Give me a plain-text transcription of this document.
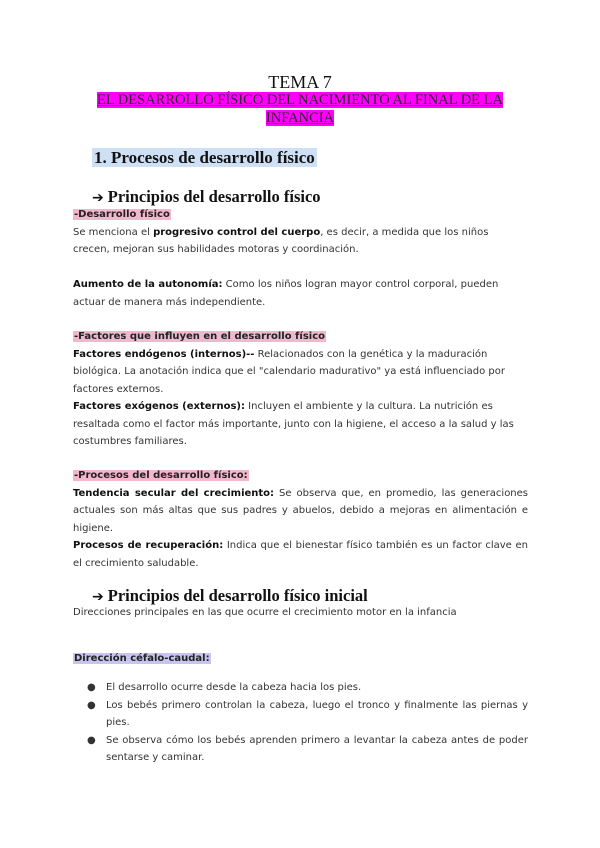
TEMA 7
EL DESARROLLO FÍSICO DEL NACIMIENTO AL FINAL DE LA
INFANCIA
1. Procesos de desarrollo físico
➔ Principios del desarrollo físico
-Desarrollo físico
Se menciona el progresivo control del cuerpo, es decir, a medida que los niños crecen, mejoran sus habilidades motoras y coordinación.
Aumento de la autonomía: Como los niños logran mayor control corporal, pueden actuar de manera más independiente.
-Factores que influyen en el desarrollo físico
Factores endógenos (internos)-- Relacionados con la genética y la maduración biológica. La anotación indica que el "calendario madurativo" ya está influenciado por factores externos.
Factores exógenos (externos): Incluyen el ambiente y la cultura. La nutrición es resaltada como el factor más importante, junto con la higiene, el acceso a la salud y las costumbres familiares.
-Procesos del desarrollo físico:
Tendencia secular del crecimiento: Se observa que, en promedio, las generaciones actuales son más altas que sus padres y abuelos, debido a mejoras en alimentación e higiene.
Procesos de recuperación: Indica que el bienestar físico también es un factor clave en el crecimiento saludable.
➔ Principios del desarrollo físico inicial
Direcciones principales en las que ocurre el crecimiento motor en la infancia
Dirección céfalo-caudal:
●	El desarrollo ocurre desde la cabeza hacia los pies.
●	Los bebés primero controlan la cabeza, luego el tronco y finalmente las piernas y pies.
●	Se observa cómo los bebés aprenden primero a levantar la cabeza antes de poder sentarse y caminar.
